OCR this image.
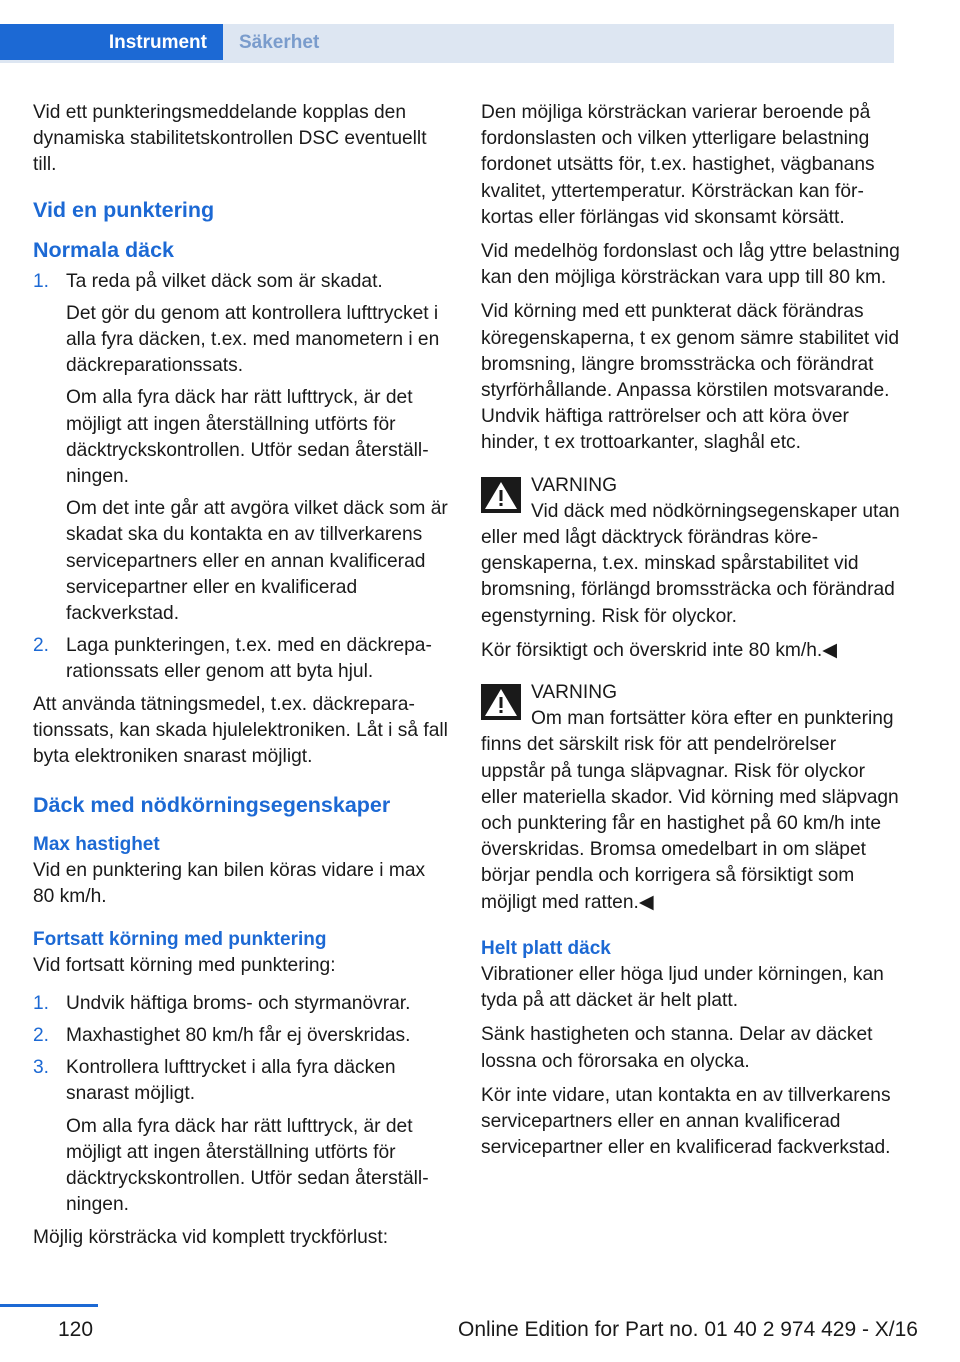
Instrument	Säkerhet

Vid ett punkteringsmeddelande kopplas den dynamiska stabilitetskontrollen DSC eventuellt till.

Vid en punktering
Normala däck
1. Ta reda på vilket däck som är skadat.

Det gör du genom att kontrollera lufttrycket i alla fyra däcken, t.ex. med manometern i en däckreparationssats.

Om alla fyra däck har rätt lufttryck, är det möjligt att ingen återställning utförts för däcktryckskontrollen. Utför sedan återställningen.

Om det inte går att avgöra vilket däck som är skadat ska du kontakta en av tillverkarens servicepartners eller en annan kvalificerad servicepartner eller en kvalificerad fackverkstad.

2. Laga punkteringen, t.ex. med en däckreparationssats eller genom att byta hjul.

Att använda tätningsmedel, t.ex. däckreparationssats, kan skada hjulelektroniken. Låt i så fall byta elektroniken snarast möjligt.

Däck med nödkörningsegenskaper
Max hastighet

Vid en punktering kan bilen köras vidare i max 80 km/h.

Fortsatt körning med punktering

Vid fortsatt körning med punktering:

1. Undvik häftiga broms- och styrmanövrar.

2. Maxhastighet 80 km/h får ej överskridas.

3. Kontrollera lufttrycket i alla fyra däcken snarast möjligt.

Om alla fyra däck har rätt lufttryck, är det möjligt att ingen återställning utförts för däcktryckskontrollen. Utför sedan återställningen.

Möjlig körsträcka vid komplett tryckförlust:

Den möjliga körsträckan varierar beroende på fordonslasten och vilken ytterligare belastning fordonet utsätts för, t.ex. hastighet, vägbanans kvalitet, yttertemperatur. Körsträckan kan förkortas eller förlängas vid skonsamt körsätt.

Vid medelhög fordonslast och låg yttre belastning kan den möjliga körsträckan vara upp till 80 km.

Vid körning med ett punkterat däck förändras köregenskaperna, t ex genom sämre stabilitet vid bromsning, längre bromssträcka och förändrat styrförhållande. Anpassa körstilen motsvarande. Undvik häftiga rattrörelser och att köra över hinder, t ex trottoarkanter, slaghål etc.

VARNING
Vid däck med nödkörningsegenskaper utan eller med lågt däcktryck förändras köregenskaperna, t.ex. minskad spårstabilitet vid bromsning, förlängd bromssträcka och förändrad egenstyrning. Risk för olyckor.

Kör försiktigt och överskrid inte 80 km/h.◀

VARNING
Om man fortsätter köra efter en punktering finns det särskilt risk för att pendelrörelser uppstår på tunga släpvagnar. Risk för olyckor eller materiella skador. Vid körning med släpvagn och punktering får en hastighet på 60 km/h inte överskridas. Bromsa omedelbart in om släpet börjar pendla och korrigera så försiktigt som möjligt med ratten.◀
Helt platt däck

Vibrationer eller höga ljud under körningen, kan tyda på att däcket är helt platt.

Sänk hastigheten och stanna. Delar av däcket lossna och förorsaka en olycka.

Kör inte vidare, utan kontakta en av tillverkarens servicepartners eller en annan kvalificerad servicepartner eller en kvalificerad fackverkstad.

120	Online Edition for Part no. 01 40 2 974 429 - X/16
